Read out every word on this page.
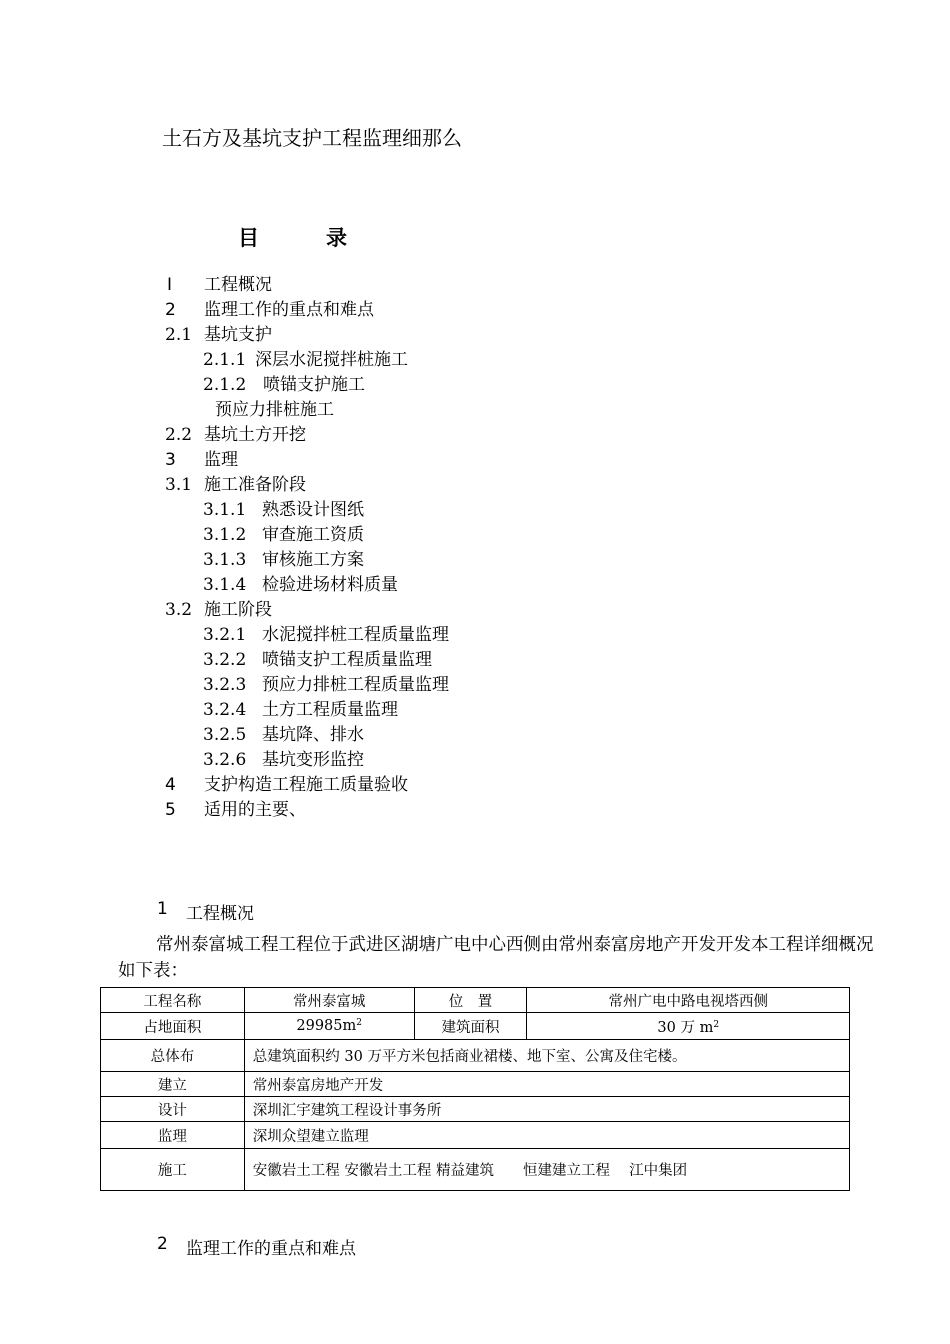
土石方及基坑支护工程监理细那么
目	录
I 工程概况
2 监理工作的重点和难点
2.1 基坑支护
2.1.1 深层水泥搅拌桩施工
2.1.2 喷锚支护施工
预应力排桩施工
2.2 基坑土方开挖
3 监理
3.1 施工准备阶段
3.1.1 熟悉设计图纸
3.1.2 审查施工资质
3.1.3 审核施工方案
3.1.4 检验进场材料质量
3.2 施工阶段
3.2.1 水泥搅拌桩工程质量监理
3.2.2 喷锚支护工程质量监理
3.2.3 预应力排桩工程质量监理
3.2.4 土方工程质量监理
3.2.5 基坑降、排水
3.2.6 基坑变形监控
4 支护构造工程施工质量验收
5 适用的主要、
1 工程概况
常州泰富城工程工程位于武进区湖塘广电中心西侧由常州泰富房地产开发开发本工程详细概况如下表：
工程名称	常州泰富城	位　置	常州广电中路电视塔西侧
占地面积	$29985m^2$	建筑面积	30 万 $m^2$
总体布	总建筑面积约 30 万平方米包括商业裙楼、地下室、公寓及住宅楼。		
建立	常州泰富房地产开发		
设计	深圳汇宇建筑工程设计事务所		
监理	深圳众望建立监理		
施工	安徽岩土工程 安徽岩土工程 精益建筑　　恒建建立工程　 江中集团		
2 监理工作的重点和难点
